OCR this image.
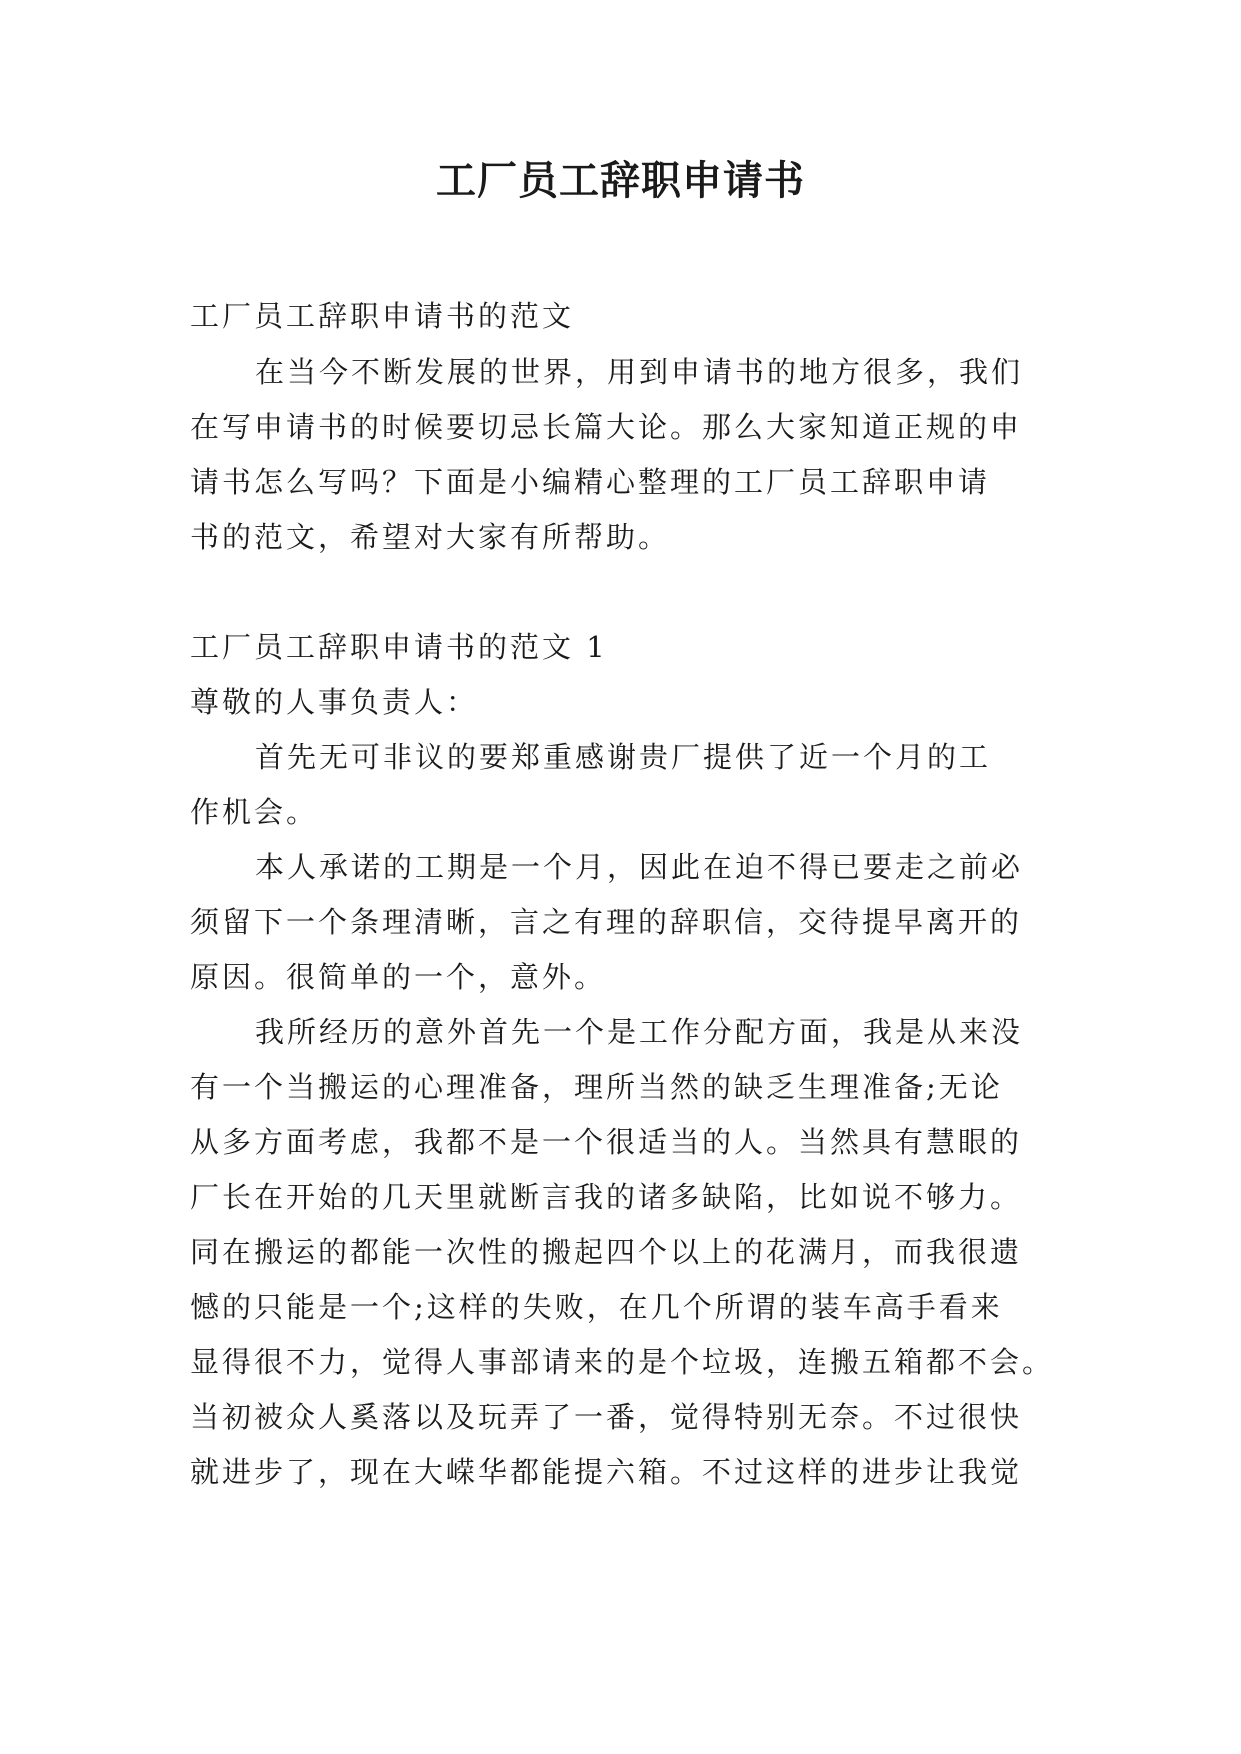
工厂员工辞职申请书
工厂员工辞职申请书的范文
在当今不断发展的世界，用到申请书的地方很多，我们
在写申请书的时候要切忌长篇大论。那么大家知道正规的申
请书怎么写吗？下面是小编精心整理的工厂员工辞职申请
书的范文，希望对大家有所帮助。
工厂员工辞职申请书的范文 1
尊敬的人事负责人：
首先无可非议的要郑重感谢贵厂提供了近一个月的工
作机会。
本人承诺的工期是一个月，因此在迫不得已要走之前必
须留下一个条理清晰，言之有理的辞职信，交待提早离开的
原因。很简单的一个，意外。
我所经历的意外首先一个是工作分配方面，我是从来没
有一个当搬运的心理准备，理所当然的缺乏生理准备;无论
从多方面考虑，我都不是一个很适当的人。当然具有慧眼的
厂长在开始的几天里就断言我的诸多缺陷，比如说不够力。
同在搬运的都能一次性的搬起四个以上的花满月，而我很遗
憾的只能是一个;这样的失败，在几个所谓的装车高手看来
显得很不力，觉得人事部请来的是个垃圾，连搬五箱都不会。
当初被众人奚落以及玩弄了一番，觉得特别无奈。不过很快
就进步了，现在大嵘华都能提六箱。不过这样的进步让我觉
